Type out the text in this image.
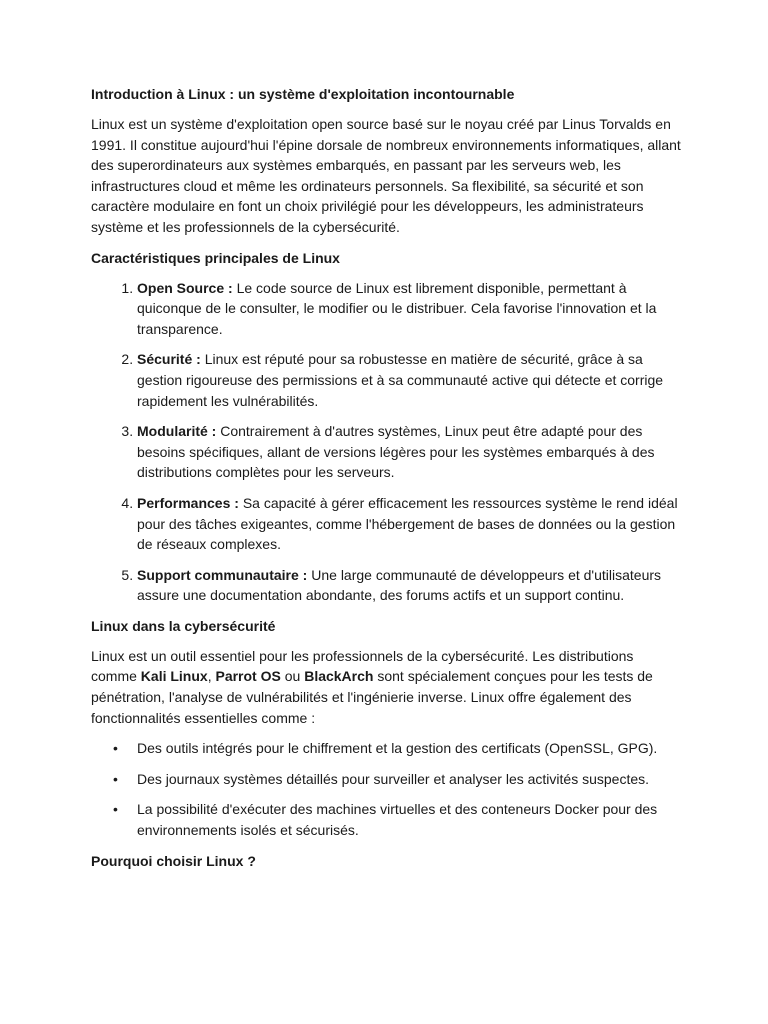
Introduction à Linux : un système d'exploitation incontournable

Linux est un système d'exploitation open source basé sur le noyau créé par Linus Torvalds en 1991. Il constitue aujourd'hui l'épine dorsale de nombreux environnements informatiques, allant des superordinateurs aux systèmes embarqués, en passant par les serveurs web, les infrastructures cloud et même les ordinateurs personnels. Sa flexibilité, sa sécurité et son caractère modulaire en font un choix privilégié pour les développeurs, les administrateurs système et les professionnels de la cybersécurité.

Caractéristiques principales de Linux
1. Open Source : Le code source de Linux est librement disponible, permettant à quiconque de le consulter, le modifier ou le distribuer. Cela favorise l'innovation et la transparence.
2. Sécurité : Linux est réputé pour sa robustesse en matière de sécurité, grâce à sa gestion rigoureuse des permissions et à sa communauté active qui détecte et corrige rapidement les vulnérabilités.
3. Modularité : Contrairement à d'autres systèmes, Linux peut être adapté pour des besoins spécifiques, allant de versions légères pour les systèmes embarqués à des distributions complètes pour les serveurs.
4. Performances : Sa capacité à gérer efficacement les ressources système le rend idéal pour des tâches exigeantes, comme l'hébergement de bases de données ou la gestion de réseaux complexes.
5. Support communautaire : Une large communauté de développeurs et d'utilisateurs assure une documentation abondante, des forums actifs et un support continu.
Linux dans la cybersécurité

Linux est un outil essentiel pour les professionnels de la cybersécurité. Les distributions comme Kali Linux, Parrot OS ou BlackArch sont spécialement conçues pour les tests de pénétration, l'analyse de vulnérabilités et l'ingénierie inverse. Linux offre également des fonctionnalités essentielles comme :

• Des outils intégrés pour le chiffrement et la gestion des certificats (OpenSSL, GPG).
• Des journaux systèmes détaillés pour surveiller et analyser les activités suspectes.
• La possibilité d'exécuter des machines virtuelles et des conteneurs Docker pour des environnements isolés et sécurisés.
Pourquoi choisir Linux ?
